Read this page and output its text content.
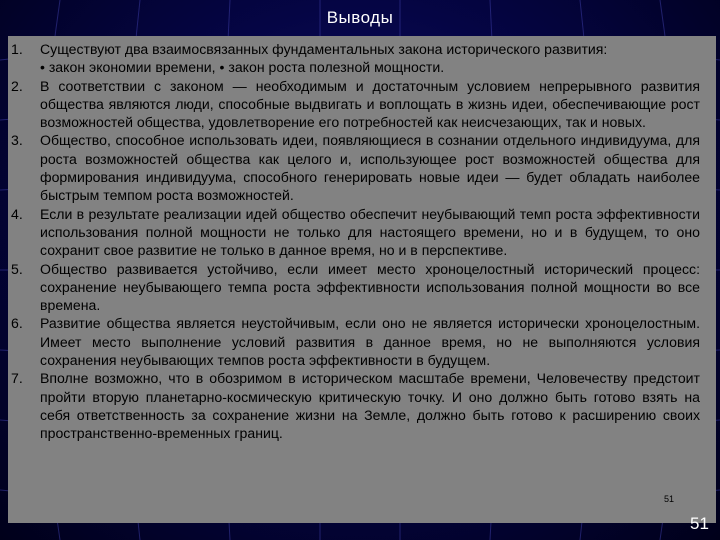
Выводы
1.	Существуют два взаимосвязанных фундаментальных закона исторического развития:
• закон экономии времени, • закон роста полезной мощности.
2.	В соответствии с законом — необходимым и достаточным условием непрерывного развития общества являются люди, способные выдвигать и воплощать в жизнь идеи, обеспечивающие рост возможностей общества, удовлетворение его потребностей как неисчезающих, так и новых.
3.	Общество, способное использовать идеи, появляющиеся в сознании отдельного индивидуума, для роста возможностей общества как целого и, использующее рост возможностей общества для формирования индивидуума, способного генерировать новые идеи — будет обладать наиболее быстрым темпом роста возможностей.
4.	Если в результате реализации идей общество обеспечит неубывающий темп роста эффективности использования полной мощности не только для настоящего времени, но и в будущем, то оно сохранит свое развитие не только в данное время, но и в перспективе.
5.	Общество развивается устойчиво, если имеет место хроноцелостный исторический процесс: сохранение неубывающего темпа роста эффективности использования полной мощности во все времена.
6.	Развитие общества является неустойчивым, если оно не является исторически хроноцелостным. Имеет место выполнение условий развития в данное время, но не выполняются условия сохранения неубывающих темпов роста эффективности в будущем.
7.	Вполне возможно, что в обозримом в историческом масштабе времени, Человечеству предстоит пройти вторую планетарно-космическую критическую точку. И оно должно быть готово взять на себя ответственность за сохранение жизни на Земле, должно быть готово к расширению своих пространственно-временных границ.
51
51
